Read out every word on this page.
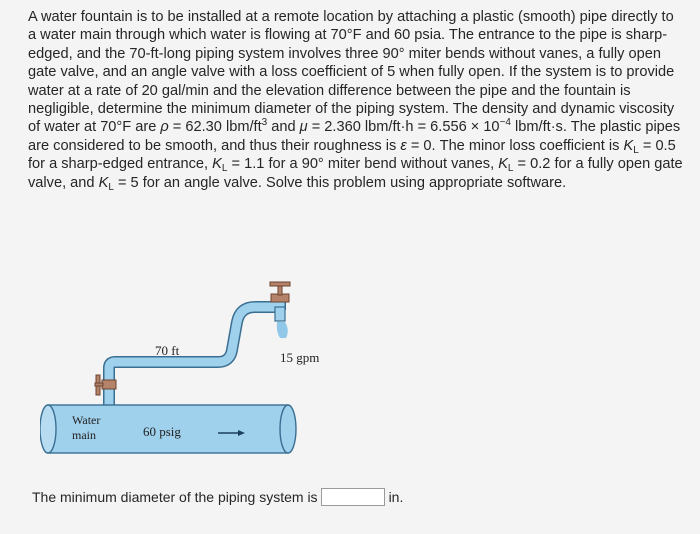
A water fountain is to be installed at a remote location by attaching a plastic (smooth) pipe directly to a water main through which water is flowing at 70°F and 60 psia. The entrance to the pipe is sharp-edged, and the 70-ft-long piping system involves three 90° miter bends without vanes, a fully open gate valve, and an angle valve with a loss coefficient of 5 when fully open. If the system is to provide water at a rate of 20 gal/min and the elevation difference between the pipe and the fountain is negligible, determine the minimum diameter of the piping system. The density and dynamic viscosity of water at 70°F are ρ = 62.30 lbm/$ft^3$ and μ = 2.360 $lbm/ft\cdot h = 6.556 \times 10^{-4}$ lbm/ft·s. The plastic pipes are considered to be smooth, and thus their roughness is ε = 0. The minor loss coefficient is $K_L = 0.5$ for a sharp-edged entrance, $K_L = 1.1$ for a 90° miter bend without vanes, $K_L = 0.2$ for a fully open gate valve, and $K_L = 5$ for an angle valve. Solve this problem using appropriate software.

Water
main	60 psig
70 ft	15 gpm
The minimum diameter of the piping system is	in.
